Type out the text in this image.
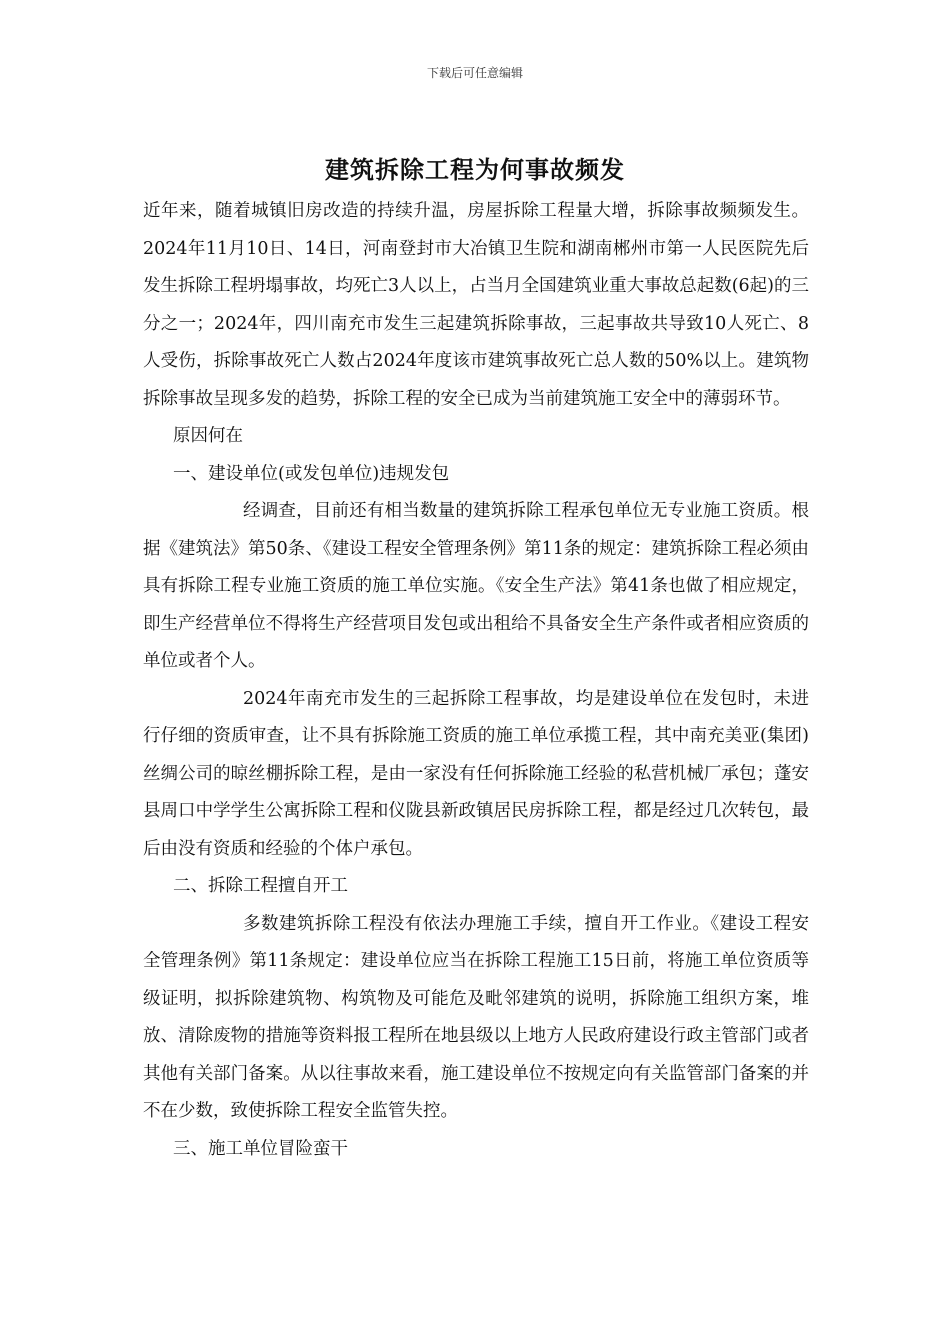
下载后可任意编辑
建筑拆除工程为何事故频发

近年来，随着城镇旧房改造的持续升温，房屋拆除工程量大增，拆除事故频频发生。2024年11月10日、14日，河南登封市大冶镇卫生院和湖南郴州市第一人民医院先后发生拆除工程坍塌事故，均死亡3人以上，占当月全国建筑业重大事故总起数(6起)的三分之一；2024年，四川南充市发生三起建筑拆除事故，三起事故共导致10人死亡、8人受伤，拆除事故死亡人数占2024年度该市建筑事故死亡总人数的50%以上。建筑物拆除事故呈现多发的趋势，拆除工程的安全已成为当前建筑施工安全中的薄弱环节。

原因何在

一、建设单位(或发包单位)违规发包

经调查，目前还有相当数量的建筑拆除工程承包单位无专业施工资质。根据《建筑法》第50条、《建设工程安全管理条例》第11条的规定：建筑拆除工程必须由具有拆除工程专业施工资质的施工单位实施。《安全生产法》第41条也做了相应规定，即生产经营单位不得将生产经营项目发包或出租给不具备安全生产条件或者相应资质的单位或者个人。

2024年南充市发生的三起拆除工程事故，均是建设单位在发包时，未进行仔细的资质审查，让不具有拆除施工资质的施工单位承揽工程，其中南充美亚(集团)丝绸公司的晾丝棚拆除工程，是由一家没有任何拆除施工经验的私营机械厂承包；蓬安县周口中学学生公寓拆除工程和仪陇县新政镇居民房拆除工程，都是经过几次转包，最后由没有资质和经验的个体户承包。

二、拆除工程擅自开工

多数建筑拆除工程没有依法办理施工手续，擅自开工作业。《建设工程安全管理条例》第11条规定：建设单位应当在拆除工程施工15日前，将施工单位资质等级证明，拟拆除建筑物、构筑物及可能危及毗邻建筑的说明，拆除施工组织方案，堆放、清除废物的措施等资料报工程所在地县级以上地方人民政府建设行政主管部门或者其他有关部门备案。从以往事故来看，施工建设单位不按规定向有关监管部门备案的并不在少数，致使拆除工程安全监管失控。

三、施工单位冒险蛮干
